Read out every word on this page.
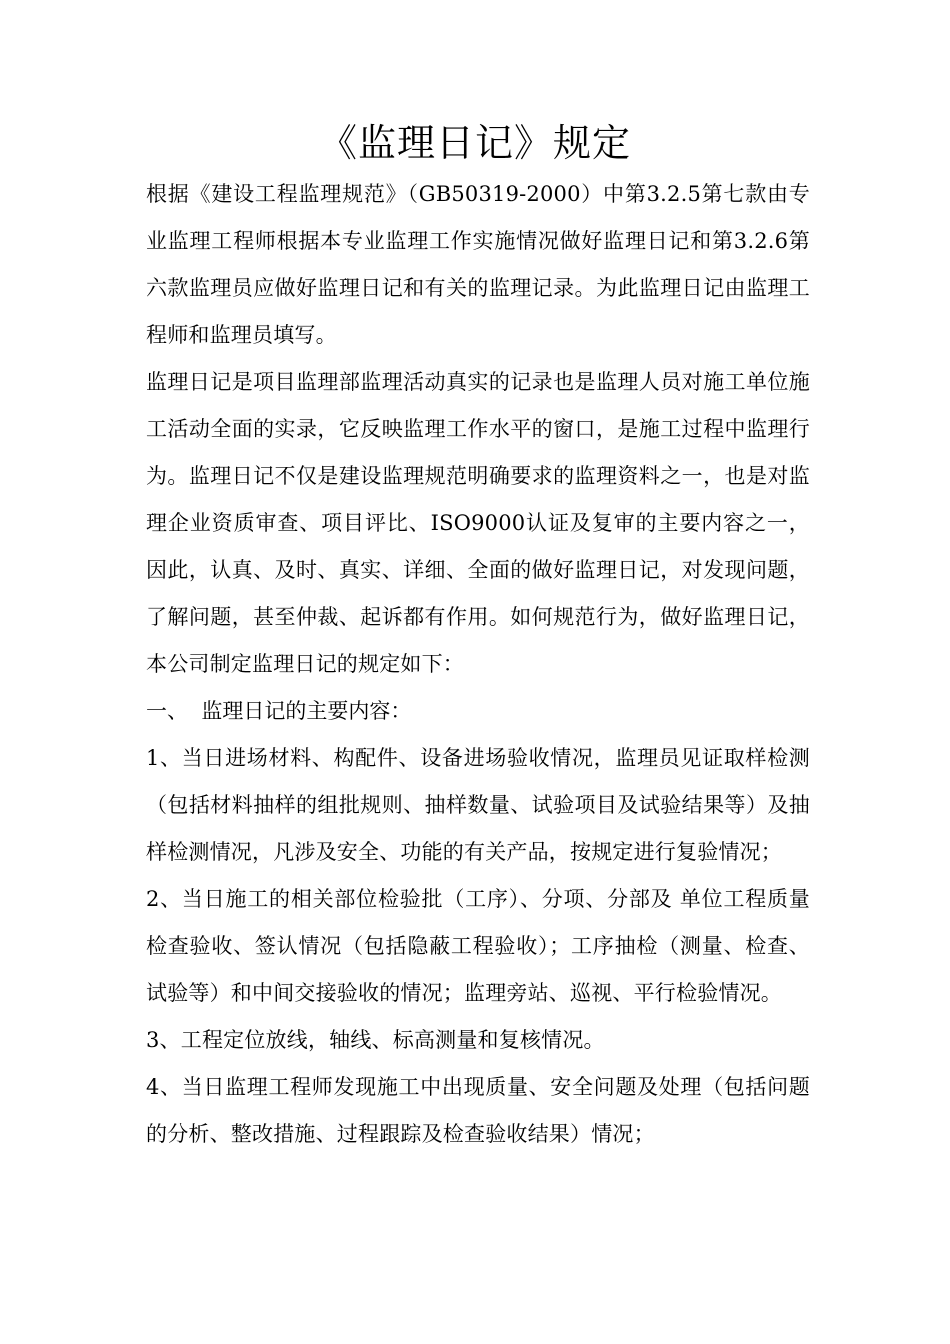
《监理日记》规定

根据《建设工程监理规范》（GB50319-2000）中第3.2.5第七款由专业监理工程师根据本专业监理工作实施情况做好监理日记和第3.2.6第六款监理员应做好监理日记和有关的监理记录。为此监理日记由监理工程师和监理员填写。

监理日记是项目监理部监理活动真实的记录也是监理人员对施工单位施工活动全面的实录，它反映监理工作水平的窗口，是施工过程中监理行为。监理日记不仅是建设监理规范明确要求的监理资料之一，也是对监理企业资质审查、项目评比、ISO9000认证及复审的主要内容之一，因此，认真、及时、真实、详细、全面的做好监理日记，对发现问题，了解问题，甚至仲裁、起诉都有作用。如何规范行为，做好监理日记，本公司制定监理日记的规定如下：

一、  监理日记的主要内容：

1、当日进场材料、构配件、设备进场验收情况，监理员见证取样检测（包括材料抽样的组批规则、抽样数量、试验项目及试验结果等）及抽样检测情况，凡涉及安全、功能的有关产品，按规定进行复验情况；

2、当日施工的相关部位检验批（工序）、分项、分部及 单位工程质量检查验收、签认情况（包括隐蔽工程验收）；工序抽检（测量、检查、试验等）和中间交接验收的情况；监理旁站、巡视、平行检验情况。

3、工程定位放线，轴线、标高测量和复核情况。

4、当日监理工程师发现施工中出现质量、安全问题及处理（包括问题的分析、整改措施、过程跟踪及检查验收结果）情况；
